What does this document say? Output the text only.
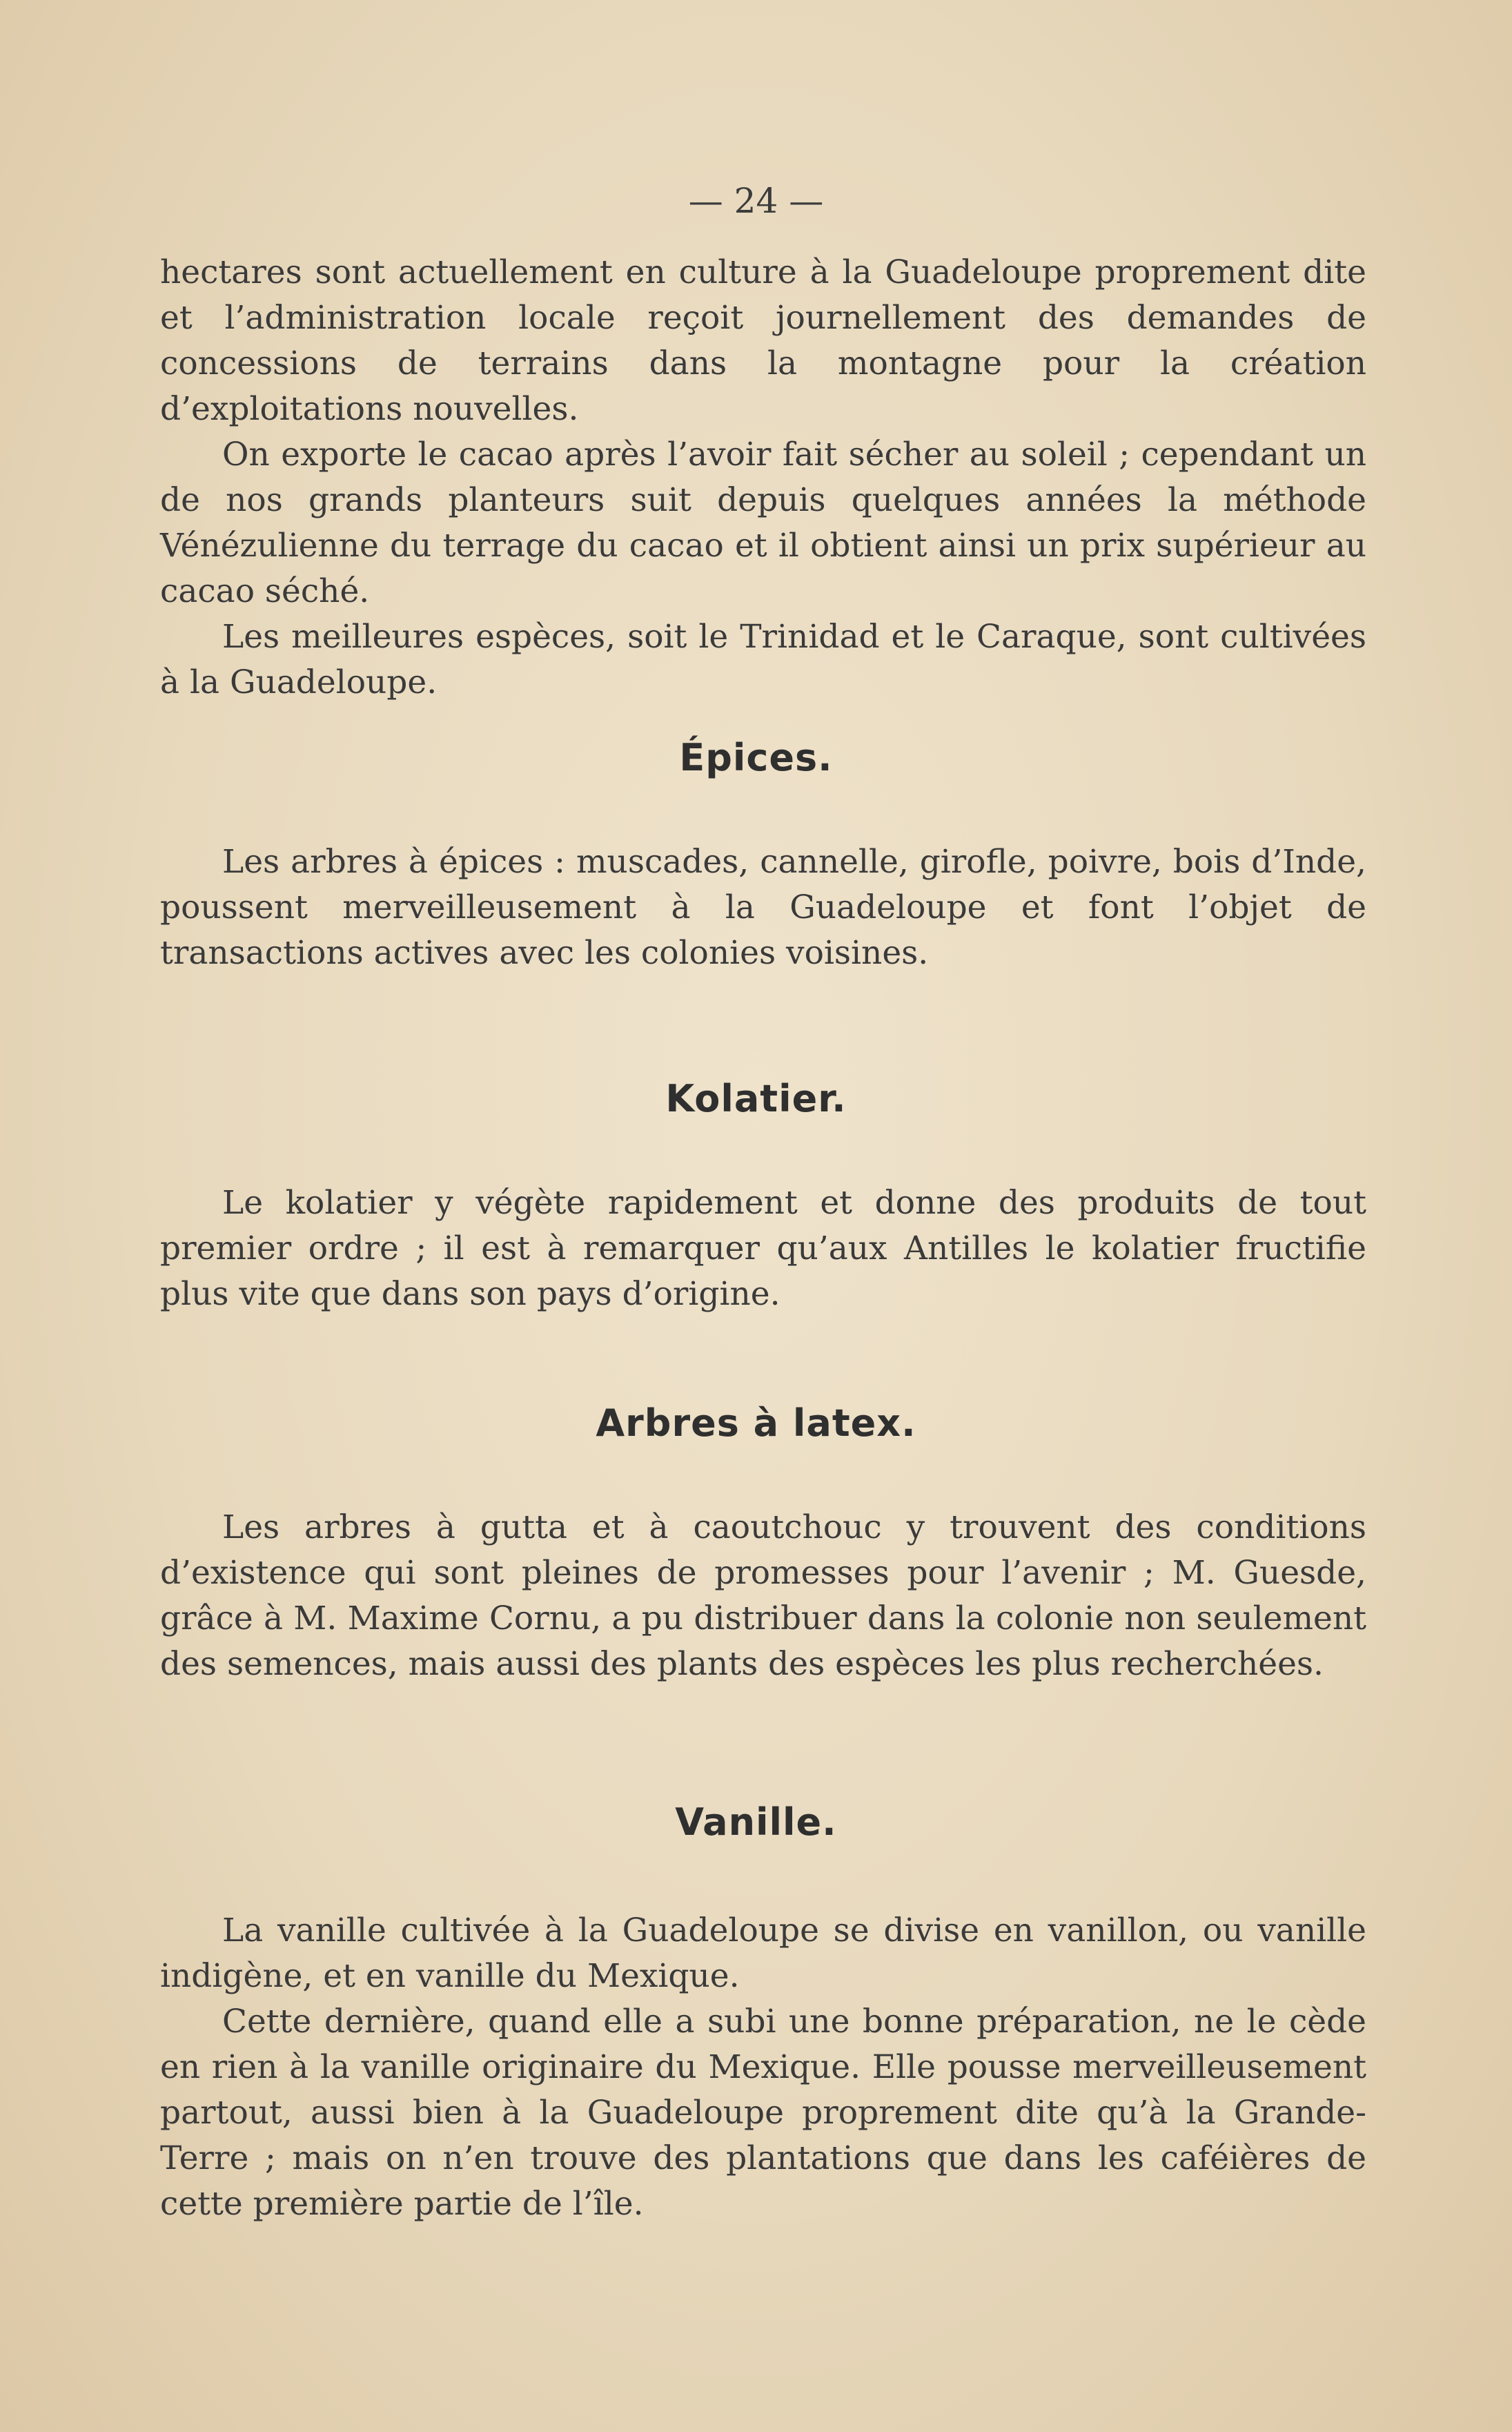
— 24 —

hectares sont actuellement en culture à la Guadeloupe proprement dite et l’administration locale reçoit journellement des demandes de concessions de terrains dans la montagne pour la création d’exploitations nouvelles.

On exporte le cacao après l’avoir fait sécher au soleil ; cependant un de nos grands planteurs suit depuis quelques années la méthode Vénézulienne du terrage du cacao et il obtient ainsi un prix supérieur au cacao séché.

Les meilleures espèces, soit le Trinidad et le Caraque, sont cultivées à la Guadeloupe.

Épices.

Les arbres à épices : muscades, cannelle, girofle, poivre, bois d’Inde, poussent merveilleusement à la Guadeloupe et font l’objet de transactions actives avec les colonies voisines.

Kolatier.

Le kolatier y végète rapidement et donne des produits de tout premier ordre ; il est à remarquer qu’aux Antilles le kolatier fructifie plus vite que dans son pays d’origine.

Arbres à latex.

Les arbres à gutta et à caoutchouc y trouvent des conditions d’existence qui sont pleines de promesses pour l’avenir ; M. Guesde, grâce à M. Maxime Cornu, a pu distribuer dans la colonie non seulement des semences, mais aussi des plants des espèces les plus recherchées.

Vanille.

La vanille cultivée à la Guadeloupe se divise en vanillon, ou vanille indigène, et en vanille du Mexique.

Cette dernière, quand elle a subi une bonne préparation, ne le cède en rien à la vanille originaire du Mexique. Elle pousse merveilleusement partout, aussi bien à la Guadeloupe proprement dite qu’à la Grande-Terre ; mais on n’en trouve des plantations que dans les caféières de cette première partie de l’île.
